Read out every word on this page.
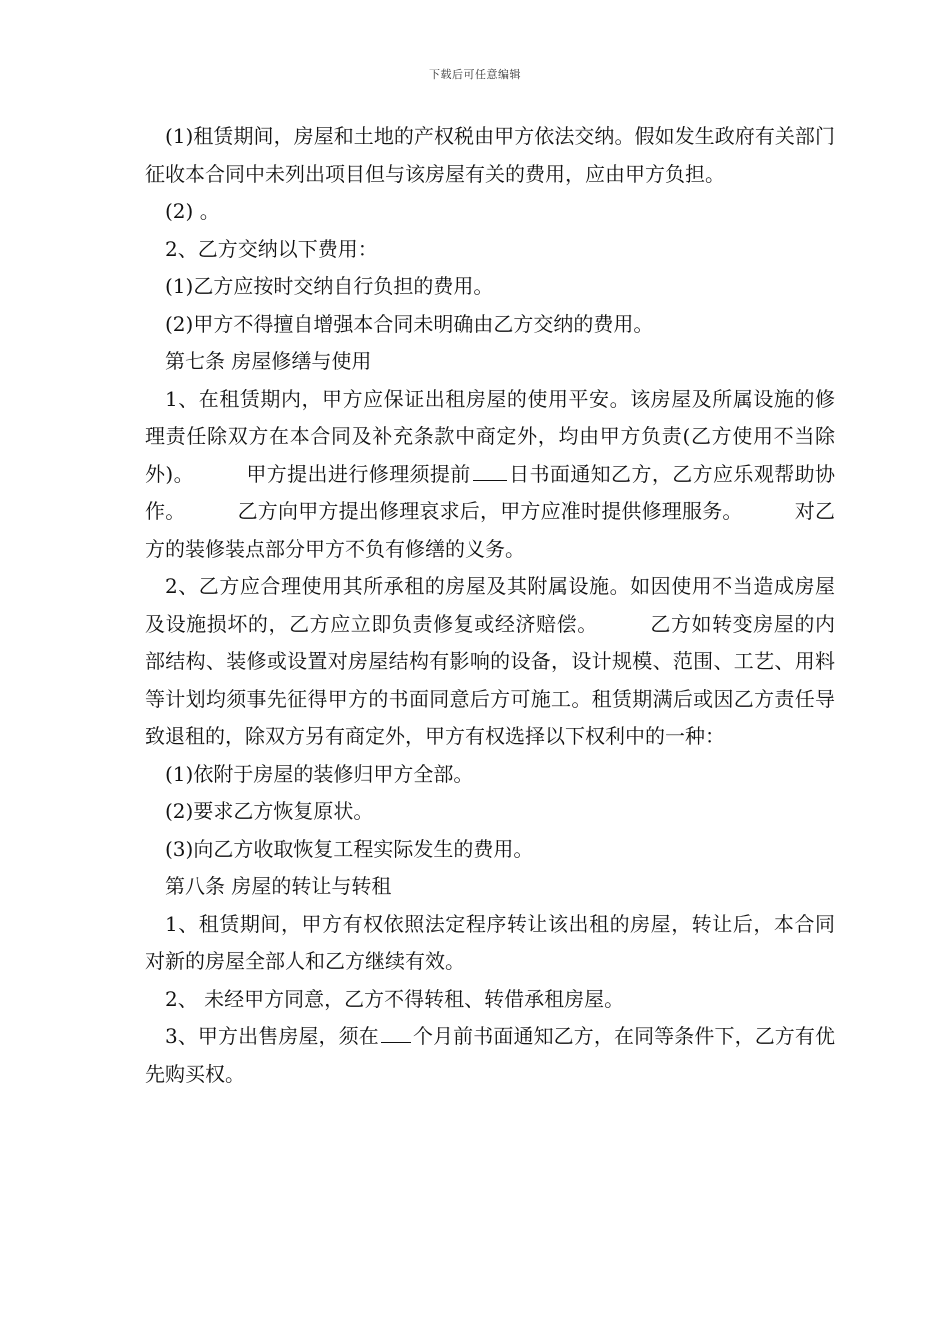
下载后可任意编辑

(1)租赁期间，房屋和土地的产权税由甲方依法交纳。假如发生政府有关部门征收本合同中未列出项目但与该房屋有关的费用，应由甲方负担。

(2) 。

2、乙方交纳以下费用：

(1)乙方应按时交纳自行负担的费用。

(2)甲方不得擅自增强本合同未明确由乙方交纳的费用。

第七条 房屋修缮与使用

1、在租赁期内，甲方应保证出租房屋的使用平安。该房屋及所属设施的修理责任除双方在本合同及补充条款中商定外，均由甲方负责(乙方使用不当除外)。	甲方提出进行修理须提前 日书面通知乙方，乙方应乐观帮助协作。	乙方向甲方提出修理哀求后，甲方应准时提供修理服务。	对乙方的装修装点部分甲方不负有修缮的义务。

2、乙方应合理使用其所承租的房屋及其附属设施。如因使用不当造成房屋及设施损坏的，乙方应立即负责修复或经济赔偿。	乙方如转变房屋的内部结构、装修或设置对房屋结构有影响的设备，设计规模、范围、工艺、用料等计划均须事先征得甲方的书面同意后方可施工。租赁期满后或因乙方责任导致退租的，除双方另有商定外，甲方有权选择以下权利中的一种：

(1)依附于房屋的装修归甲方全部。

(2)要求乙方恢复原状。

(3)向乙方收取恢复工程实际发生的费用。

第八条 房屋的转让与转租

1、租赁期间，甲方有权依照法定程序转让该出租的房屋，转让后，本合同对新的房屋全部人和乙方继续有效。

2、 未经甲方同意，乙方不得转租、转借承租房屋。

3、甲方出售房屋，须在 个月前书面通知乙方，在同等条件下，乙方有优先购买权。
